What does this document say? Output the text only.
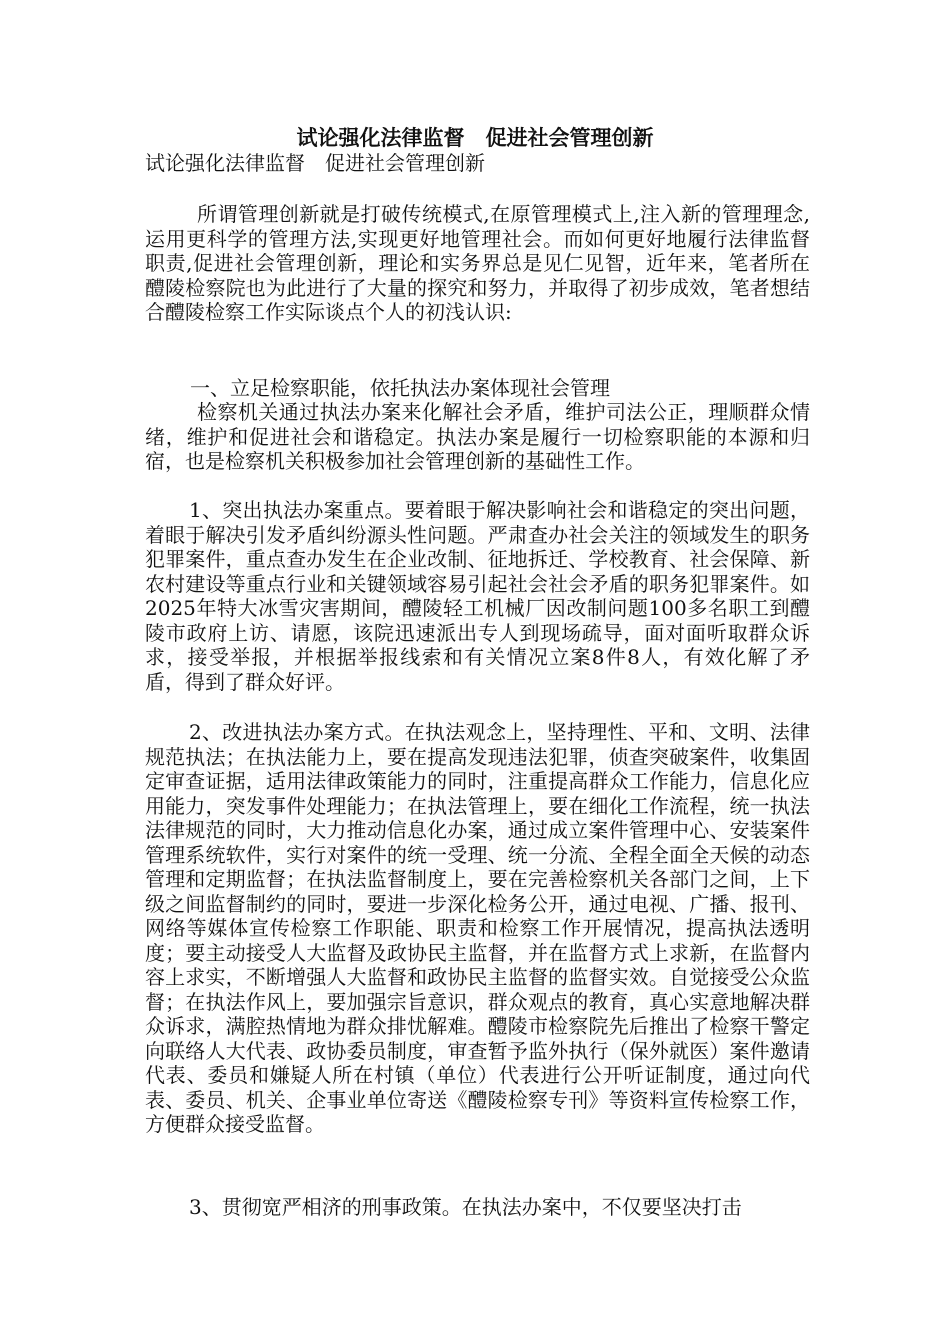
试论强化法律监督　促进社会管理创新
试论强化法律监督　促进社会管理创新

所谓管理创新就是打破传统模式,在原管理模式上,注入新的管理理念,运用更科学的管理方法,实现更好地管理社会。而如何更好地履行法律监督职责,促进社会管理创新，理论和实务界总是见仁见智，近年来，笔者所在醴陵检察院也为此进行了大量的探究和努力，并取得了初步成效，笔者想结合醴陵检察工作实际谈点个人的初浅认识:

一、立足检察职能，依托执法办案体现社会管理

检察机关通过执法办案来化解社会矛盾，维护司法公正，理顺群众情绪，维护和促进社会和谐稳定。执法办案是履行一切检察职能的本源和归宿，也是检察机关积极参加社会管理创新的基础性工作。

1、突出执法办案重点。要着眼于解决影响社会和谐稳定的突出问题，着眼于解决引发矛盾纠纷源头性问题。严肃查办社会关注的领域发生的职务犯罪案件，重点查办发生在企业改制、征地拆迁、学校教育、社会保障、新农村建设等重点行业和关键领域容易引起社会社会矛盾的职务犯罪案件。如2025年特大冰雪灾害期间，醴陵轻工机械厂因改制问题100多名职工到醴陵市政府上访、请愿，该院迅速派出专人到现场疏导，面对面听取群众诉求，接受举报，并根据举报线索和有关情况立案8件8人，有效化解了矛盾，得到了群众好评。

2、改进执法办案方式。在执法观念上，坚持理性、平和、文明、法律规范执法；在执法能力上，要在提高发现违法犯罪，侦查突破案件，收集固定审查证据，适用法律政策能力的同时，注重提高群众工作能力，信息化应用能力，突发事件处理能力；在执法管理上，要在细化工作流程，统一执法法律规范的同时，大力推动信息化办案，通过成立案件管理中心、安装案件管理系统软件，实行对案件的统一受理、统一分流、全程全面全天候的动态管理和定期监督；在执法监督制度上，要在完善检察机关各部门之间，上下级之间监督制约的同时，要进一步深化检务公开，通过电视、广播、报刊、网络等媒体宣传检察工作职能、职责和检察工作开展情况，提高执法透明度；要主动接受人大监督及政协民主监督，并在监督方式上求新，在监督内容上求实，不断增强人大监督和政协民主监督的监督实效。自觉接受公众监督；在执法作风上，要加强宗旨意识，群众观点的教育，真心实意地解决群众诉求，满腔热情地为群众排忧解难。醴陵市检察院先后推出了检察干警定向联络人大代表、政协委员制度，审查暂予监外执行（保外就医）案件邀请代表、委员和嫌疑人所在村镇（单位）代表进行公开听证制度，通过向代表、委员、机关、企事业单位寄送《醴陵检察专刊》等资料宣传检察工作，方便群众接受监督。

3、贯彻宽严相济的刑事政策。在执法办案中，不仅要坚决打击
